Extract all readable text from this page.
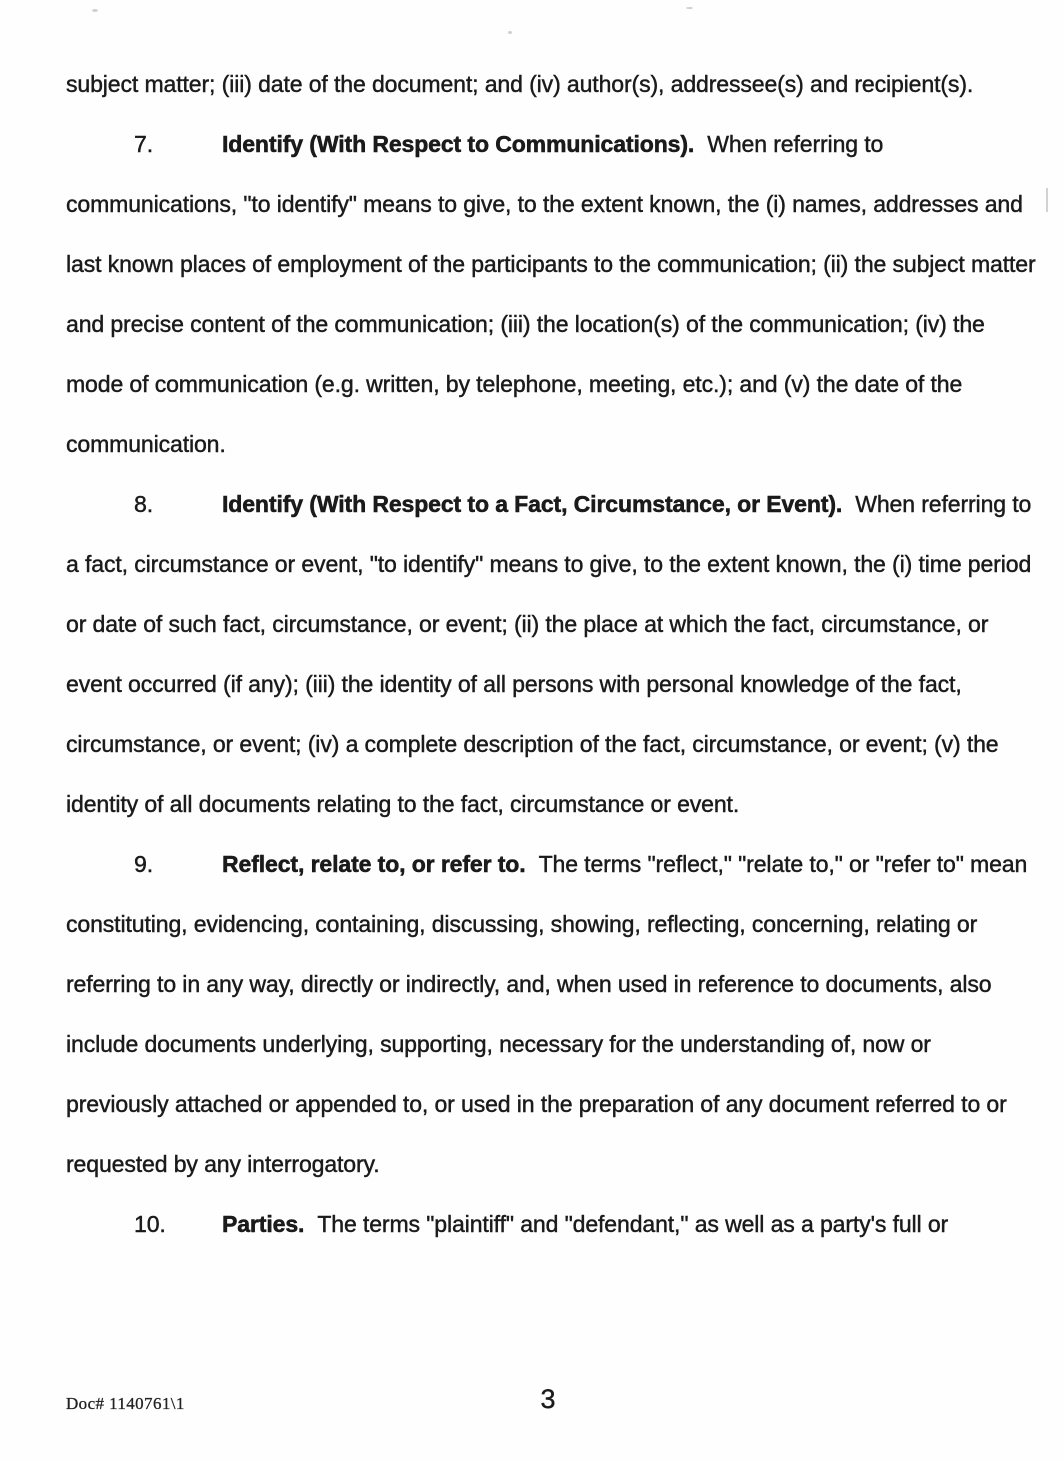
subject matter; (iii) date of the document; and (iv) author(s), addressee(s) and recipient(s).

7.	Identify (With Respect to Communications). When referring to communications, "to identify" means to give, to the extent known, the (i) names, addresses and last known places of employment of the participants to the communication; (ii) the subject matter and precise content of the communication; (iii) the location(s) of the communication; (iv) the mode of communication (e.g. written, by telephone, meeting, etc.); and (v) the date of the communication.

8.	Identify (With Respect to a Fact, Circumstance, or Event). When referring to a fact, circumstance or event, "to identify" means to give, to the extent known, the (i) time period or date of such fact, circumstance, or event; (ii) the place at which the fact, circumstance, or event occurred (if any); (iii) the identity of all persons with personal knowledge of the fact, circumstance, or event; (iv) a complete description of the fact, circumstance, or event; (v) the identity of all documents relating to the fact, circumstance or event.

9.	Reflect, relate to, or refer to. The terms "reflect," "relate to," or "refer to" mean constituting, evidencing, containing, discussing, showing, reflecting, concerning, relating or referring to in any way, directly or indirectly, and, when used in reference to documents, also include documents underlying, supporting, necessary for the understanding of, now or previously attached or appended to, or used in the preparation of any document referred to or requested by any interrogatory.

10. Parties. The terms "plaintiff" and "defendant," as well as a party's full or

Doc# 1140761\1	3
